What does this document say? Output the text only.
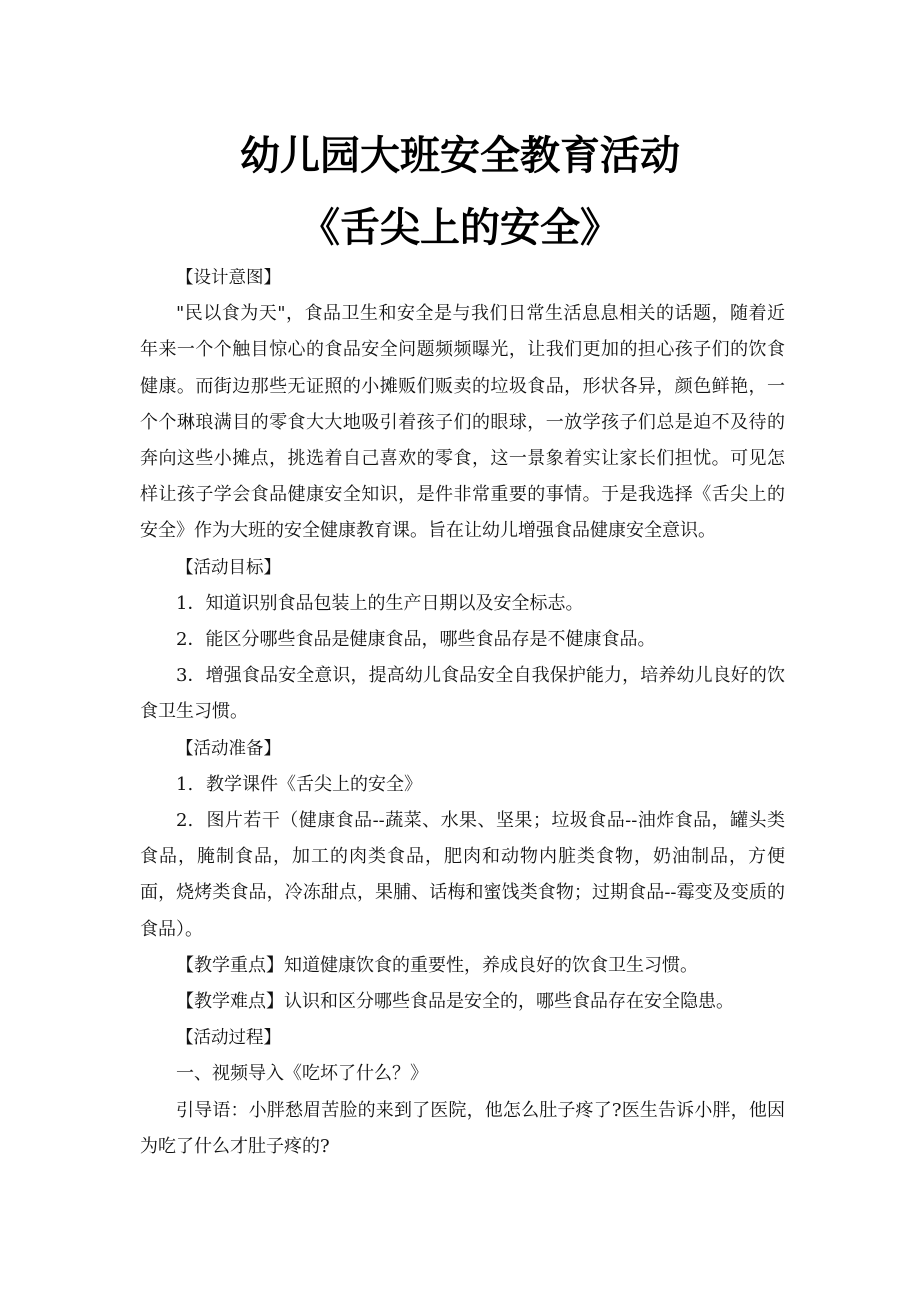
幼儿园大班安全教育活动
《舌尖上的安全》

【设计意图】

"民以食为天"，食品卫生和安全是与我们日常生活息息相关的话题，随着近年来一个个触目惊心的食品安全问题频频曝光，让我们更加的担心孩子们的饮食健康。而街边那些无证照的小摊贩们贩卖的垃圾食品，形状各异，颜色鲜艳，一个个琳琅满目的零食大大地吸引着孩子们的眼球，一放学孩子们总是迫不及待的奔向这些小摊点，挑选着自己喜欢的零食，这一景象着实让家长们担忧。可见怎样让孩子学会食品健康安全知识，是件非常重要的事情。于是我选择《舌尖上的安全》作为大班的安全健康教育课。旨在让幼儿增强食品健康安全意识。

【活动目标】

1．知道识别食品包装上的生产日期以及安全标志。

2．能区分哪些食品是健康食品，哪些食品存是不健康食品。

3．增强食品安全意识，提高幼儿食品安全自我保护能力，培养幼儿良好的饮食卫生习惯。

【活动准备】

1. 教学课件《舌尖上的安全》

2. 图片若干（健康食品--蔬菜、水果、坚果；垃圾食品--油炸食品，罐头类食品，腌制食品，加工的肉类食品，肥肉和动物内脏类食物，奶油制品，方便面，烧烤类食品，冷冻甜点，果脯、话梅和蜜饯类食物；过期食品--霉变及变质的食品）。

【教学重点】知道健康饮食的重要性，养成良好的饮食卫生习惯。

【教学难点】认识和区分哪些食品是安全的，哪些食品存在安全隐患。

【活动过程】

一、视频导入《吃坏了什么？》

引导语：小胖愁眉苦脸的来到了医院，他怎么肚子疼了?医生告诉小胖，他因为吃了什么才肚子疼的?
